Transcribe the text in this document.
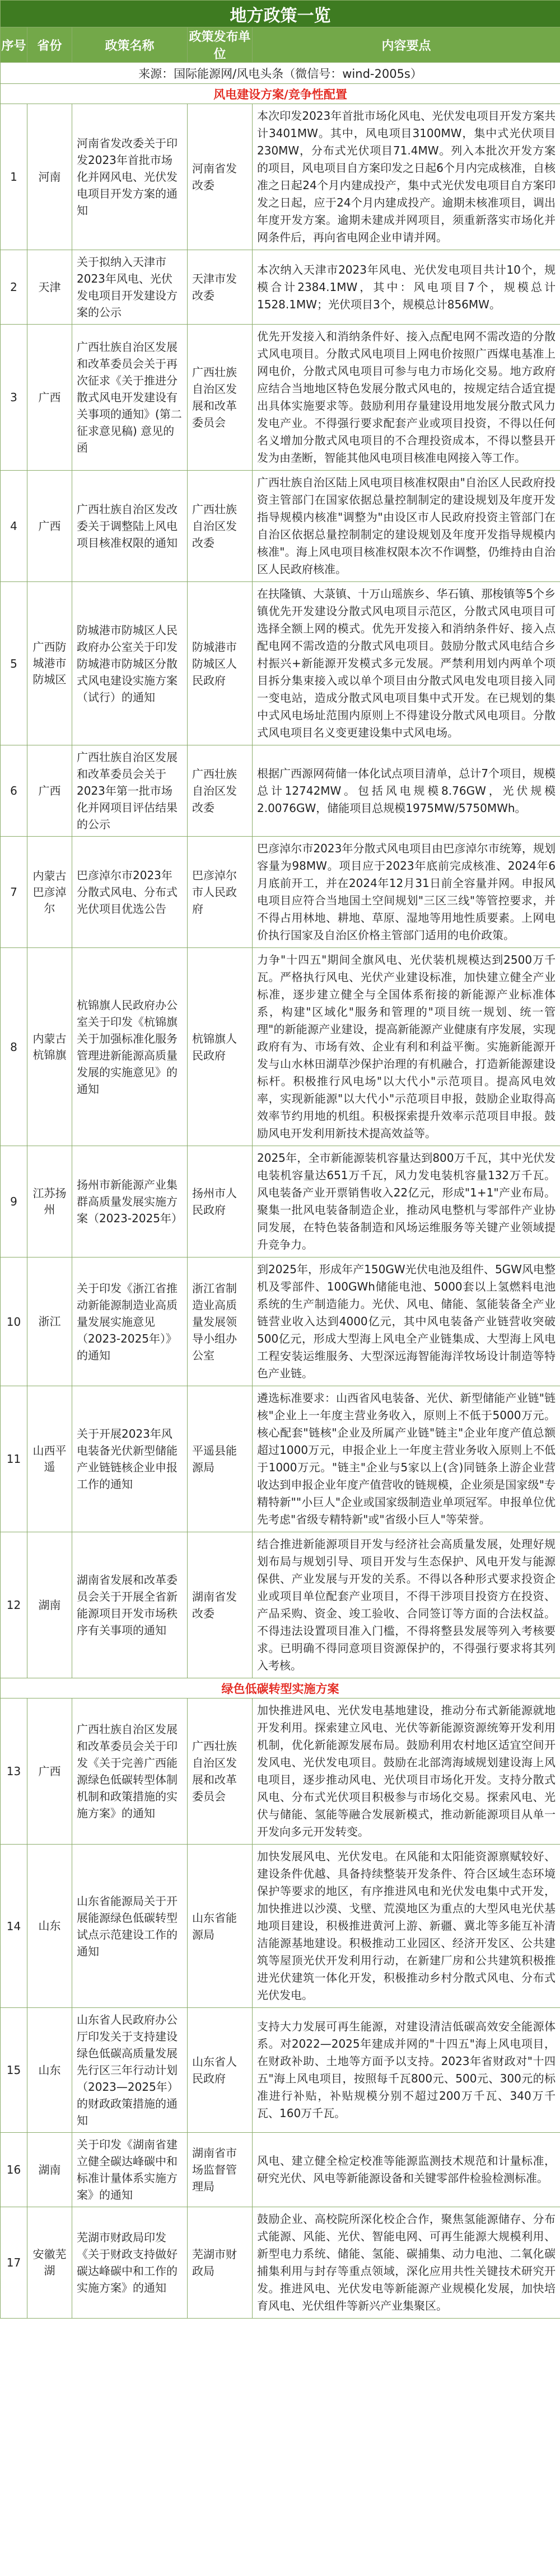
地方政策一览				
序号	省份	政策名称	政策发布单位	内容要点
来源：国际能源网/风电头条（微信号：wind-2005s）				
风电建设方案/竞争性配置				
1	河南	河南省发改委关于印发2023年首批市场化并网风电、光伏发电项目开发方案的通知	河南省发改委	本次印发2023年首批市场化风电、光伏发电项目开发方案共计3401MW。其中，风电项目3100MW，集中式光伏项目230MW，分布式光伏项目71.4MW。列入本批次开发方案的项目，风电项目自方案印发之日起6个月内完成核准，自核准之日起24个月内建成投产，集中式光伏发电项目自方案印发之日起，应于24个月内建成投产。逾期未核准项目，调出年度开发方案。逾期未建成并网项目，须重新落实市场化并网条件后，再向省电网企业申请并网。
2	天津	关于拟纳入天津市2023年风电、光伏发电项目开发建设方案的公示	天津市发改委	本次纳入天津市2023年风电、光伏发电项目共计10个，规模合计2384.1MW，其中：风电项目7个，规模总计1528.1MW；光伏项目3个，规模总计856MW。
3	广西	广西壮族自治区发展和改革委员会关于再次征求《关于推进分散式风电开发建设有关事项的通知》(第二征求意见稿) 意见的函	广西壮族自治区发展和改革委员会	优先开发接入和消纳条件好、接入点配电网不需改造的分散式风电项目。分散式风电项目上网电价按照广西煤电基准上网电价，分散式风电项目可参与电力市场化交易。地方政府应结合当地地区特色发展分散式风电的，按规定结合适宜提出具体实施要求等。鼓励利用存量建设用地发展分散式风力发电产业。不得强行要求配套产业或项目投资，不得以任何名义增加分散式风电项目的不合理投资成本，不得以整县开发为由垄断，智能其他风电项目核准电网接入等工作。
4	广西	广西壮族自治区发改委关于调整陆上风电项目核准权限的通知	广西壮族自治区发改委	广西壮族自治区陆上风电项目核准权限由"自治区人民政府投资主管部门在国家依据总量控制制定的建设规划及年度开发指导规模内核准"调整为"由设区市人民政府投资主管部门在自治区依据总量控制制定的建设规划及年度开发指导规模内核准"。海上风电项目核准权限本次不作调整，仍维持由自治区人民政府核准。
5	广西防城港市防城区	防城港市防城区人民政府办公室关于印发防城港市防城区分散式风电建设实施方案（试行）的通知	防城港市防城区人民政府	在扶隆镇、大菉镇、十万山瑶族乡、华石镇、那梭镇等5个乡镇优先开发建设分散式风电项目示范区，分散式风电项目可选择全额上网的模式。优先开发接入和消纳条件好、接入点配电网不需改造的分散式风电项目。鼓励分散式风电结合乡村振兴+新能源开发模式多元发展。严禁利用划内两单个项目拆分集束接入或以单个项目由分散式风电发电项目接入同一变电站，造成分散式风电项目集中式开发。在已规划的集中式风电场址范围内原则上不得建设分散式风电项目。分散式风电项目名义变更建设集中式风电场。
6	广西	广西壮族自治区发展和改革委员会关于2023年第一批市场化并网项目评估结果的公示	广西壮族自治区发改委	根据广西源网荷储一体化试点项目清单，总计7个项目，规模总计12742MW。包括风电规模8.76GW，光伏规模2.0076GW，储能项目总规模1975MW/5750MWh。
7	内蒙古巴彦淖尔	巴彦淖尔市2023年分散式风电、分布式光伏项目优选公告	巴彦淖尔市人民政府	巴彦淖尔市2023年分散式风电项目由巴彦淖尔市统筹，规划容量为98MW。项目应于2023年底前完成核准、2024年6月底前开工，并在2024年12月31日前全容量并网。申报风电项目应符合当地国土空间规划"三区三线"等管控要求，并不得占用林地、耕地、草原、湿地等用地性质要素。上网电价执行国家及自治区价格主管部门适用的电价政策。
8	内蒙古杭锦旗	杭锦旗人民政府办公室关于印发《杭锦旗关于加强标准化服务管理进新能源高质量发展的实施意见》的通知	杭锦旗人民政府	力争"十四五"期间全旗风电、光伏装机规模达到2500万千瓦。严格执行风电、光伏产业建设标准，加快建立健全产业标准，逐步建立健全与全国体系衔接的新能源产业标准体系，构建"区域化"服务和管理的"项目统一规划、统一管理"的新能源产业建设，提高新能源产业健康有序发展，实现政府有为、市场有效、企业有利和利益平衡。实施新能源开发与山水林田湖草沙保护治理的有机融合，打造新能源建设标杆。积极推行风电场"以大代小"示范项目。提高风电效率，实现新能源"以大代小"示范项目申报，鼓励企业取得高效率节约用地的机组。积极探索提升效率示范项目申报。鼓励风电开发利用新技术提高效益等。
9	江苏扬州	扬州市新能源产业集群高质量发展实施方案（2023-2025年）	扬州市人民政府	2025年，全市新能源装机容量达到800万千瓦，其中光伏发电装机容量达651万千瓦，风力发电装机容量132万千瓦。风电装备产业开票销售收入22亿元，形成"1+1"产业布局。聚集一批风电装备制造企业，推动风电整机与零部件产业协同发展，在特色装备制造和风场运维服务等关键产业领域提升竞争力。
10	浙江	关于印发《浙江省推动新能源制造业高质量发展实施意见（2023-2025年）》的通知	浙江省制造业高质量发展领导小组办公室	到2025年，形成年产150GW光伏电池及组件、5GW风电整机及零部件、100GWh储能电池、5000套以上氢燃料电池系统的生产制造能力。光伏、风电、储能、氢能装备全产业链营业收入达到4000亿元，其中风电装备产业链营收突破500亿元，形成大型海上风电全产业链集成、大型海上风电工程安装运维服务、大型深远海智能海洋牧场设计制造等特色产业链。
11	山西平遥	关于开展2023年风电装备光伏新型储能产业链链核企业申报工作的通知	平遥县能源局	遴选标准要求：山西省风电装备、光伏、新型储能产业链"链核"企业上一年度主营业务收入，原则上不低于5000万元。核心配套"链核"企业及所属产业链"链主"企业年度产值总额超过1000万元，申报企业上一年度主营业务收入原则上不低于1000万元。"链主"企业与5家以上(含)同链条上游企业营收达到申报企业年度产值营收的链规模，企业须是国家级"专精特新""小巨人"企业或国家级制造业单项冠军。申报单位优先考虑"省级专精特新"或"省级小巨人"等荣誉。
12	湖南	湖南省发展和改革委员会关于开展全省新能源项目开发市场秩序有关事项的通知	湖南省发改委	结合推进新能源项目开发与经济社会高质量发展，处理好规划布局与规划引导、项目开发与生态保护、风电开发与能源保供、产业发展与开发的关系。不得以各种形式要求投资企业或项目单位配套产业项目，不得干涉项目投资方在投资、产品采购、资金、竣工验收、合同签订等方面的合法权益。不得违法设置项目准入门槛，不得将整县发展等列入考核要求。已明确不得同意项目资源保护的，不得强行要求将其列入考核。
绿色低碳转型实施方案				
13	广西	广西壮族自治区发展和改革委员会关于印发《关于完善广西能源绿色低碳转型体制机制和政策措施的实施方案》的通知	广西壮族自治区发展和改革委员会	加快推进风电、光伏发电基地建设，推动分布式新能源就地开发利用。探索建立风电、光伏等新能源资源统筹开发利用机制，优化新能源发展布局。鼓励利用农村地区适宜空间开发风电、光伏发电项目。鼓励在北部湾海域规划建设海上风电项目，逐步推动风电、光伏项目市场化开发。支持分散式风电、分布式光伏项目积极参与市场化交易。探索风电、光伏与储能、氢能等融合发展新模式，推动新能源项目从单一开发向多元开发转变。
14	山东	山东省能源局关于开展能源绿色低碳转型试点示范建设工作的通知	山东省能源局	加快发展风电、光伏发电。在风能和太阳能资源禀赋较好、建设条件优越、具备持续整装开发条件、符合区域生态环境保护等要求的地区，有序推进风电和光伏发电集中式开发，加快推进以沙漠、戈壁、荒漠地区为重点的大型风电光伏基地项目建设，积极推进黄河上游、新疆、冀北等多能互补清洁能源基地建设。积极推动工业园区、经济开发区、公共建筑等屋顶光伏开发利用行动，在新建厂房和公共建筑积极推进光伏建筑一体化开发，积极推动乡村分散式风电、分布式光伏发电。
15	山东	山东省人民政府办公厅印发关于支持建设绿色低碳高质量发展先行区三年行动计划（2023—2025年）的财政政策措施的通知	山东省人民政府	支持大力发展可再生能源，对建设清洁低碳高效安全能源体系。对2022—2025年建成并网的"十四五"海上风电项目，在财政补助、土地等方面予以支持。2023年省财政对"十四五"海上风电项目，按照每千瓦800元、500元、300元的标准进行补贴，补贴规模分别不超过200万千瓦、340万千瓦、160万千瓦。
16	湖南	关于印发《湖南省建立健全碳达峰碳中和标准计量体系实施方案》的通知	湖南省市场监督管理局	风电、建立健全检定校准等能源监测技术规范和计量标准，研究光伏、风电等新能源设备和关键零部件检验检测标准。
17	安徽芜湖	芜湖市财政局印发《关于财政支持做好碳达峰碳中和工作的实施方案》的通知	芜湖市财政局	鼓励企业、高校院所深化校企合作，聚焦氢能源储存、分布式能源、风能、光伏、智能电网、可再生能源大规模利用、新型电力系统、储能、氢能、碳捕集、动力电池、二氧化碳捕集利用与封存等重点领域，深化应用共性关键技术研究开发。推进风电、光伏发电等新能源产业规模化发展，加快培育风电、光伏组件等新兴产业集聚区。
